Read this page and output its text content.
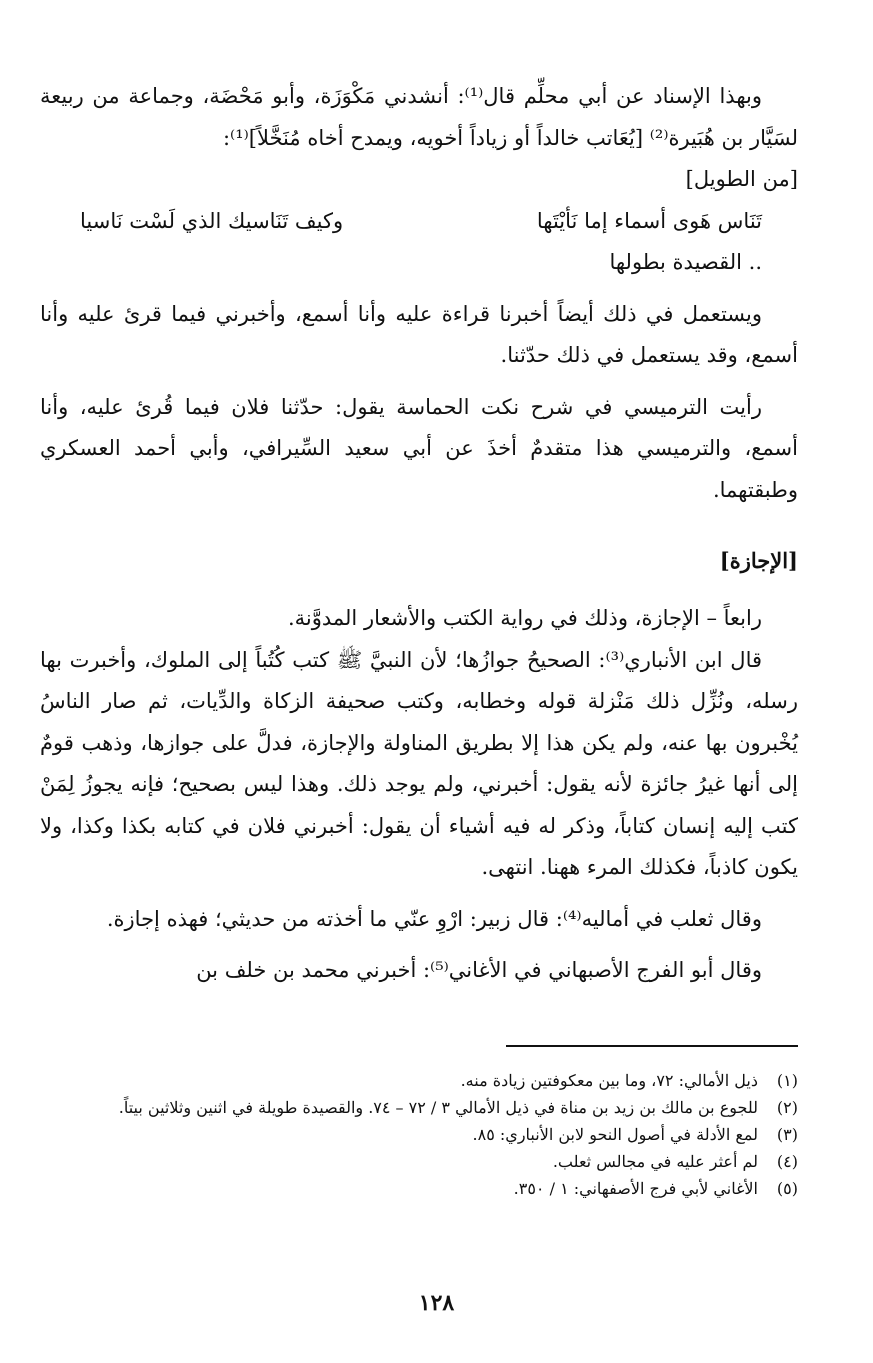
وبهذا الإسناد عن أبي محلِّم قال⁽¹⁾: أنشدني مَكْوَزَة، وأبو مَحْضَة، وجماعة من ربيعة لسَيَّار بن هُبَيرة⁽²⁾ [يُعَاتب خالداً أو زياداً أخويه، ويمدح أخاه مُنَخَّلاً]⁽¹⁾:

[من الطويل]

تَنَاس هَوى أسماء إما نَأيْتَها
وكيف تَنَاسيك الذي لَسْت نَاسيا

.. القصيدة بطولها

ويستعمل في ذلك أيضاً أخبرنا قراءة عليه وأنا أسمع، وأخبرني فيما قرئ عليه وأنا أسمع، وقد يستعمل في ذلك حدّثنا.

رأيت الترميسي في شرح نكت الحماسة يقول: حدّثنا فلان فيما قُرئ عليه، وأنا أسمع، والترميسي هذا متقدمٌ أخذَ عن أبي سعيد السِّيرافي، وأبي أحمد العسكري وطبقتهما.

[الإجازة]

رابعاً – الإجازة، وذلك في رواية الكتب والأشعار المدوَّنة.

قال ابن الأنباري⁽³⁾: الصحيحُ جوازُها؛ لأن النبيَّ ﷺ كتب كُتُباً إلى الملوك، وأخبرت بها رسله، ونُزِّل ذلك مَنْزلة قوله وخطابه، وكتب صحيفة الزكاة والدِّيات، ثم صار الناسُ يُخْبرون بها عنه، ولم يكن هذا إلا بطريق المناولة والإجازة، فدلَّ على جوازها، وذهب قومٌ إلى أنها غيرُ جائزة لأنه يقول: أخبرني، ولم يوجد ذلك. وهذا ليس بصحيح؛ فإنه يجوزُ لِمَنْ كتب إليه إنسان كتاباً، وذكر له فيه أشياء أن يقول: أخبرني فلان في كتابه بكذا وكذا، ولا يكون كاذباً، فكذلك المرء ههنا. انتهى.

وقال ثعلب في أماليه⁽⁴⁾: قال زبير: ارْوِ عنّي ما أخذته من حديثي؛ فهذه إجازة.

وقال أبو الفرج الأصبهاني في الأغاني⁽⁵⁾: أخبرني محمد بن خلف بن

(١)
ذيل الأمالي: ٧٢، وما بين معكوفتين زيادة منه.
(٢)
للجوع بن مالك بن زيد بن مناة في ذيل الأمالي ٣ / ٧٢ – ٧٤. والقصيدة طويلة في اثنين وثلاثين بيتاً.
(٣)
لمع الأدلة في أصول النحو لابن الأنباري: ٨٥.
(٤)
لم أعثر عليه في مجالس ثعلب.
(٥)
الأغاني لأبي فرج الأصفهاني: ١ / ٣٥٠.
١٢٨
